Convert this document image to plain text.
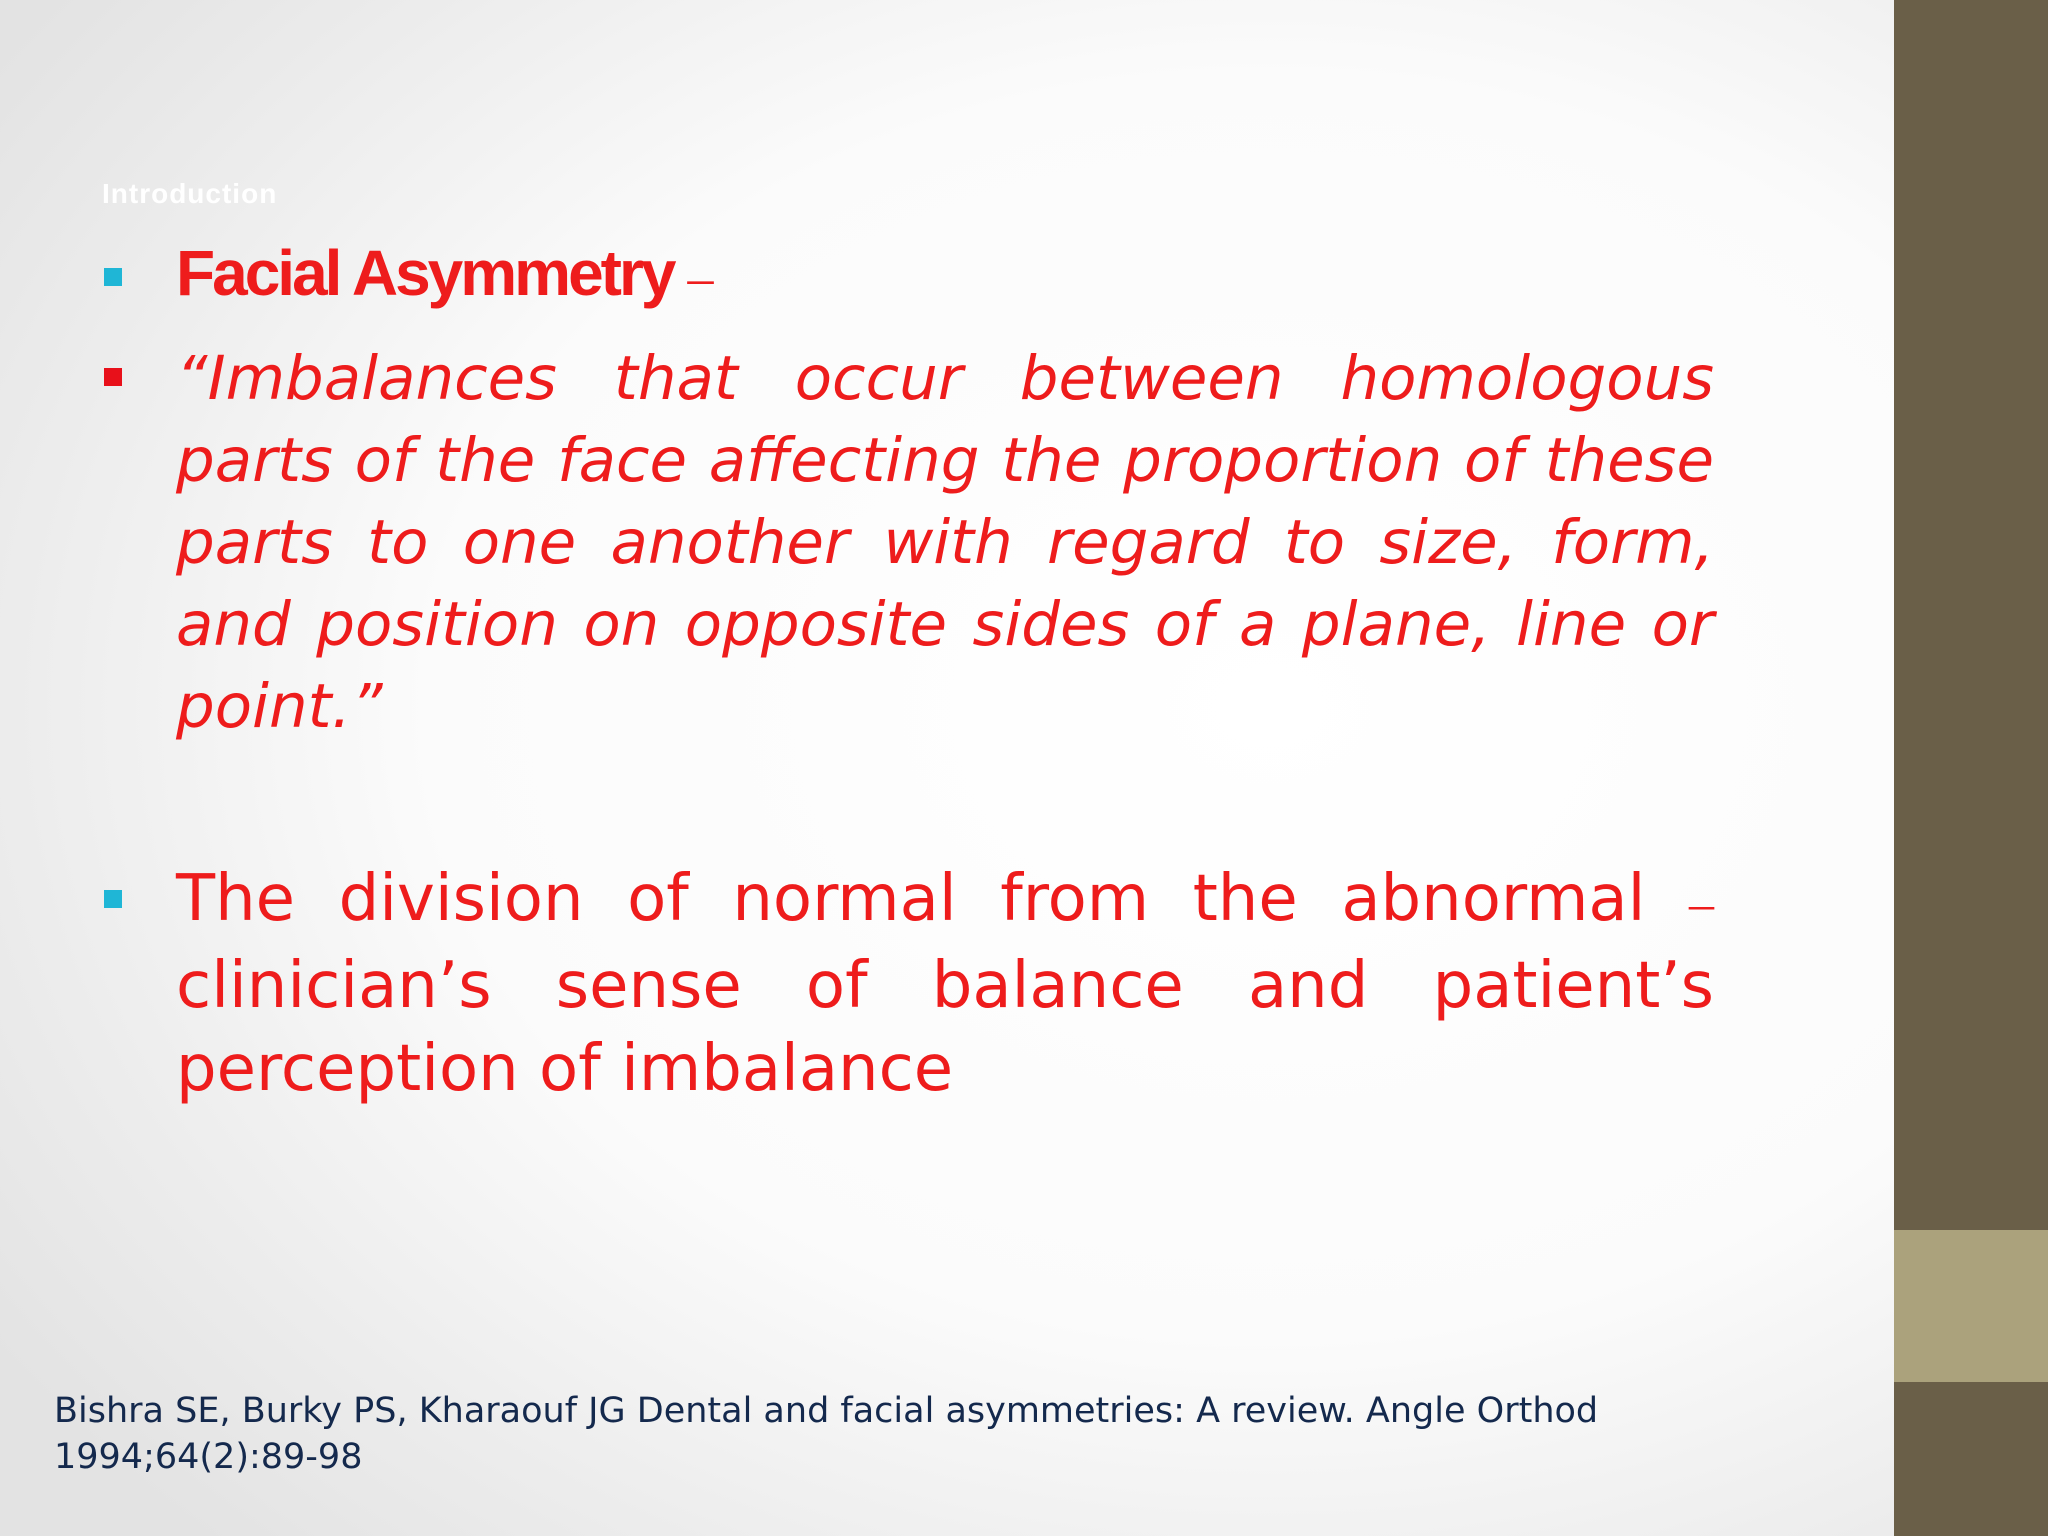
Introduction
Facial Asymmetry –

“Imbalances that occur between homologous parts of the face affecting the proportion of these parts to one another with regard to size, form, and position on opposite sides of a plane, line or point.”

The division of normal from the abnormal – clinician’s sense of balance and patient’s perception of imbalance

Bishra SE, Burky PS, Kharaouf JG Dental and facial asymmetries: A review. Angle Orthod 1994;64(2):89-98
